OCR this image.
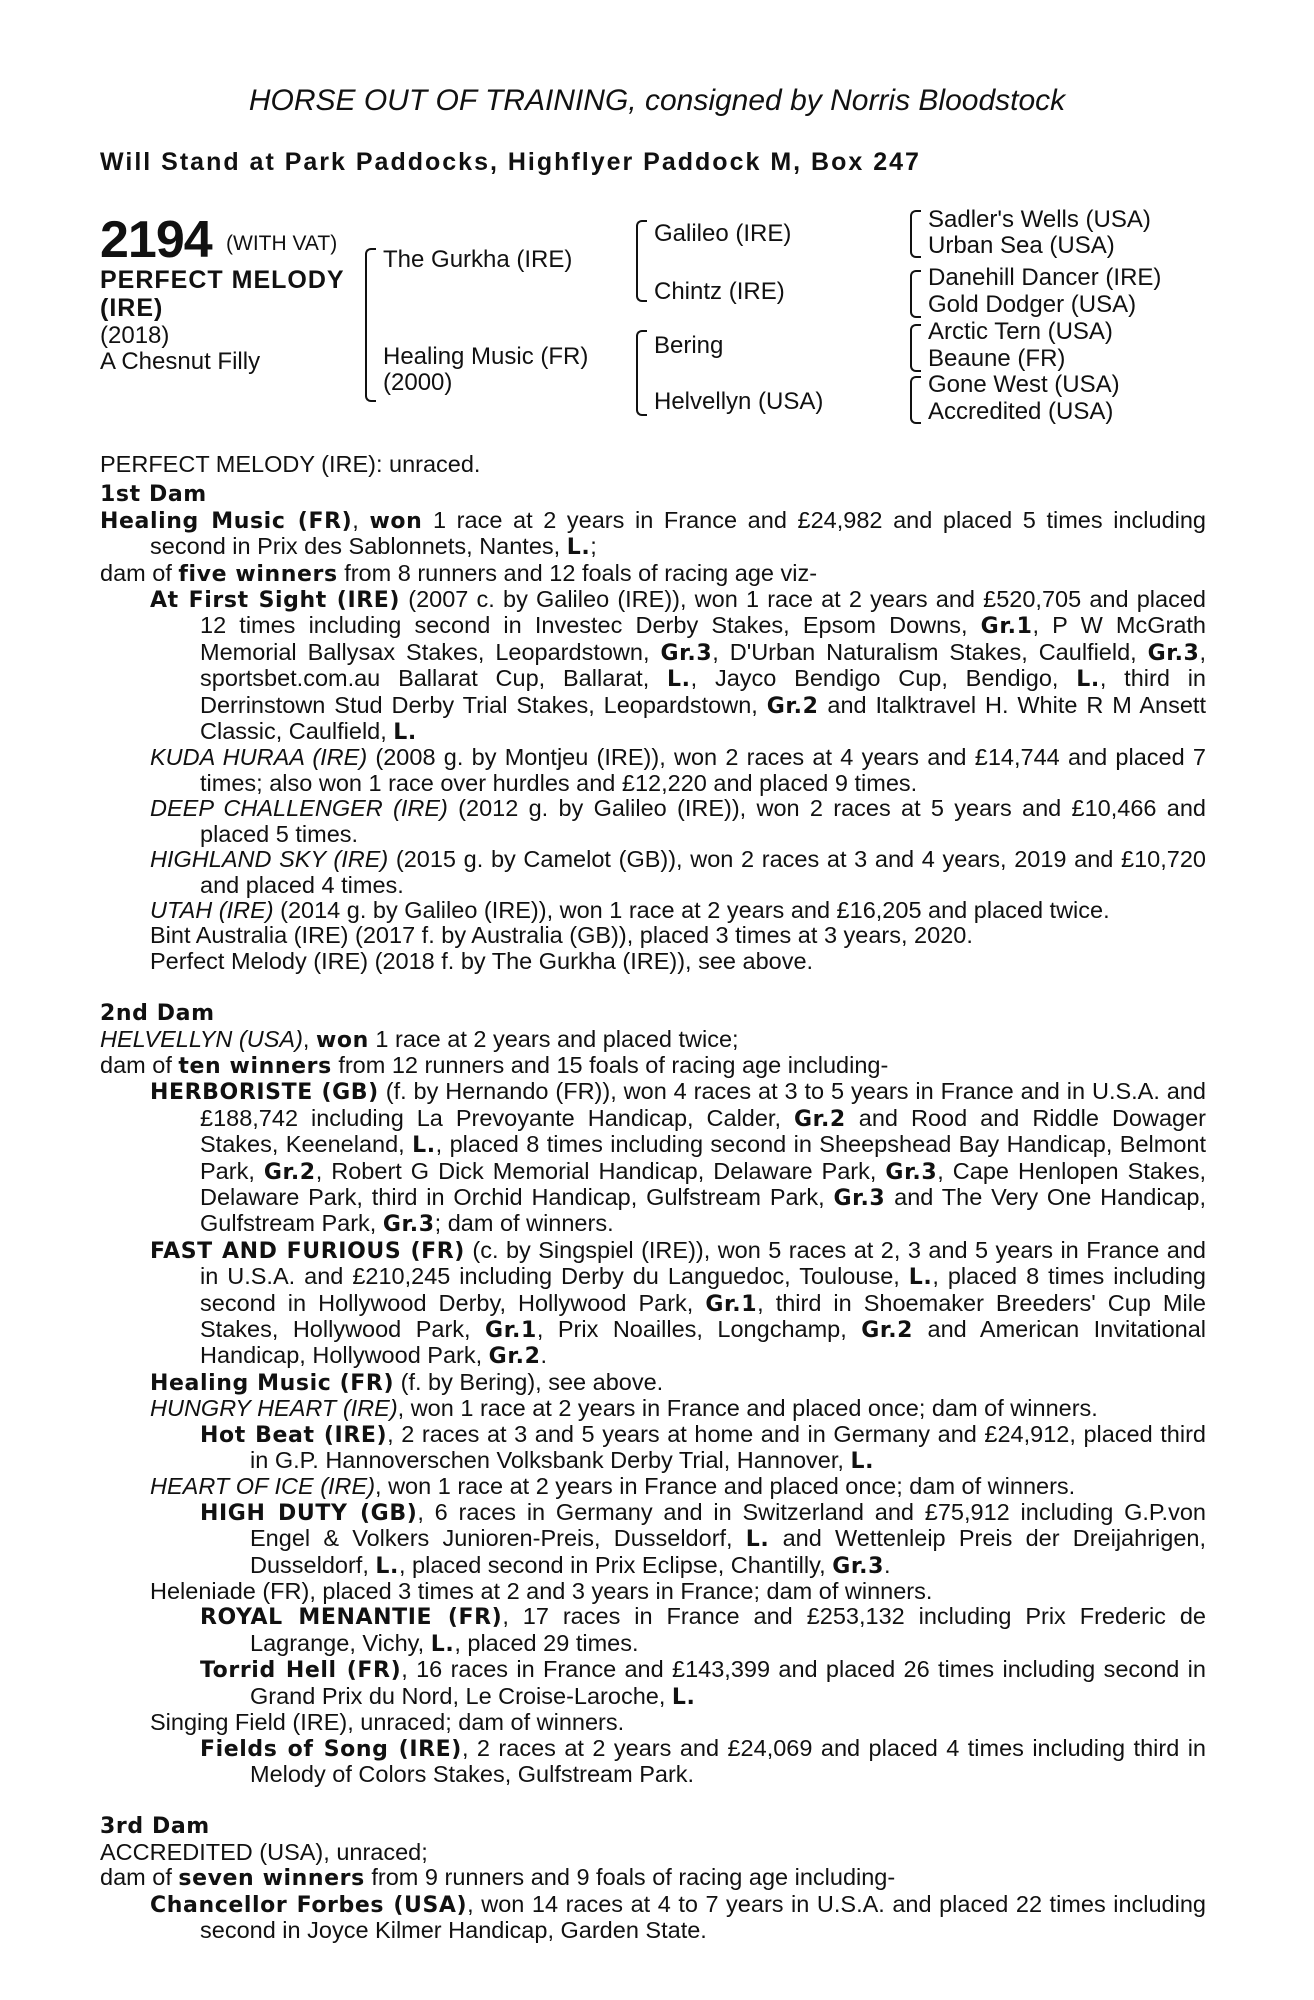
HORSE OUT OF TRAINING, consigned by Norris Bloodstock
Will Stand at Park Paddocks, Highflyer Paddock M, Box 247
2194 (WITH VAT)
PERFECT MELODY (IRE)
(2018)
A Chesnut Filly
The Gurkha (IRE)
Healing Music (FR)
(2000)
Galileo (IRE)
Chintz (IRE)
Bering
Helvellyn (USA)
Sadler's Wells (USA)
Urban Sea (USA)
Danehill Dancer (IRE)
Gold Dodger (USA)
Arctic Tern (USA)
Beaune (FR)
Gone West (USA)
Accredited (USA)

PERFECT MELODY (IRE): unraced.

1st Dam

Healing Music (FR), won 1 race at 2 years in France and £24,982 and placed 5 times including second in Prix des Sablonnets, Nantes, L.;

dam of five winners from 8 runners and 12 foals of racing age viz-

At First Sight (IRE) (2007 c. by Galileo (IRE)), won 1 race at 2 years and £520,705 and placed 12 times including second in Investec Derby Stakes, Epsom Downs, Gr.1, P W McGrath Memorial Ballysax Stakes, Leopardstown, Gr.3, D'Urban Naturalism Stakes, Caulfield, Gr.3, sportsbet.com.au Ballarat Cup, Ballarat, L., Jayco Bendigo Cup, Bendigo, L., third in Derrinstown Stud Derby Trial Stakes, Leopardstown, Gr.2 and Italktravel H. White R M Ansett Classic, Caulfield, L.

KUDA HURAA (IRE) (2008 g. by Montjeu (IRE)), won 2 races at 4 years and £14,744 and placed 7 times; also won 1 race over hurdles and £12,220 and placed 9 times.

DEEP CHALLENGER (IRE) (2012 g. by Galileo (IRE)), won 2 races at 5 years and £10,466 and placed 5 times.

HIGHLAND SKY (IRE) (2015 g. by Camelot (GB)), won 2 races at 3 and 4 years, 2019 and £10,720 and placed 4 times.

UTAH (IRE) (2014 g. by Galileo (IRE)), won 1 race at 2 years and £16,205 and placed twice.

Bint Australia (IRE) (2017 f. by Australia (GB)), placed 3 times at 3 years, 2020.

Perfect Melody (IRE) (2018 f. by The Gurkha (IRE)), see above.

2nd Dam

HELVELLYN (USA), won 1 race at 2 years and placed twice;

dam of ten winners from 12 runners and 15 foals of racing age including-

HERBORISTE (GB) (f. by Hernando (FR)), won 4 races at 3 to 5 years in France and in U.S.A. and £188,742 including La Prevoyante Handicap, Calder, Gr.2 and Rood and Riddle Dowager Stakes, Keeneland, L., placed 8 times including second in Sheepshead Bay Handicap, Belmont Park, Gr.2, Robert G Dick Memorial Handicap, Delaware Park, Gr.3, Cape Henlopen Stakes, Delaware Park, third in Orchid Handicap, Gulfstream Park, Gr.3 and The Very One Handicap, Gulfstream Park, Gr.3; dam of winners.

FAST AND FURIOUS (FR) (c. by Singspiel (IRE)), won 5 races at 2, 3 and 5 years in France and in U.S.A. and £210,245 including Derby du Languedoc, Toulouse, L., placed 8 times including second in Hollywood Derby, Hollywood Park, Gr.1, third in Shoemaker Breeders' Cup Mile Stakes, Hollywood Park, Gr.1, Prix Noailles, Longchamp, Gr.2 and American Invitational Handicap, Hollywood Park, Gr.2.

Healing Music (FR) (f. by Bering), see above.

HUNGRY HEART (IRE), won 1 race at 2 years in France and placed once; dam of winners.

Hot Beat (IRE), 2 races at 3 and 5 years at home and in Germany and £24,912, placed third in G.P. Hannoverschen Volksbank Derby Trial, Hannover, L.

HEART OF ICE (IRE), won 1 race at 2 years in France and placed once; dam of winners.

HIGH DUTY (GB), 6 races in Germany and in Switzerland and £75,912 including G.P.von Engel & Volkers Junioren-Preis, Dusseldorf, L. and Wettenleip Preis der Dreijahrigen, Dusseldorf, L., placed second in Prix Eclipse, Chantilly, Gr.3.

Heleniade (FR), placed 3 times at 2 and 3 years in France; dam of winners.

ROYAL MENANTIE (FR), 17 races in France and £253,132 including Prix Frederic de Lagrange, Vichy, L., placed 29 times.

Torrid Hell (FR), 16 races in France and £143,399 and placed 26 times including second in Grand Prix du Nord, Le Croise-Laroche, L.

Singing Field (IRE), unraced; dam of winners.

Fields of Song (IRE), 2 races at 2 years and £24,069 and placed 4 times including third in Melody of Colors Stakes, Gulfstream Park.

3rd Dam

ACCREDITED (USA), unraced;

dam of seven winners from 9 runners and 9 foals of racing age including-

Chancellor Forbes (USA), won 14 races at 4 to 7 years in U.S.A. and placed 22 times including second in Joyce Kilmer Handicap, Garden State.
